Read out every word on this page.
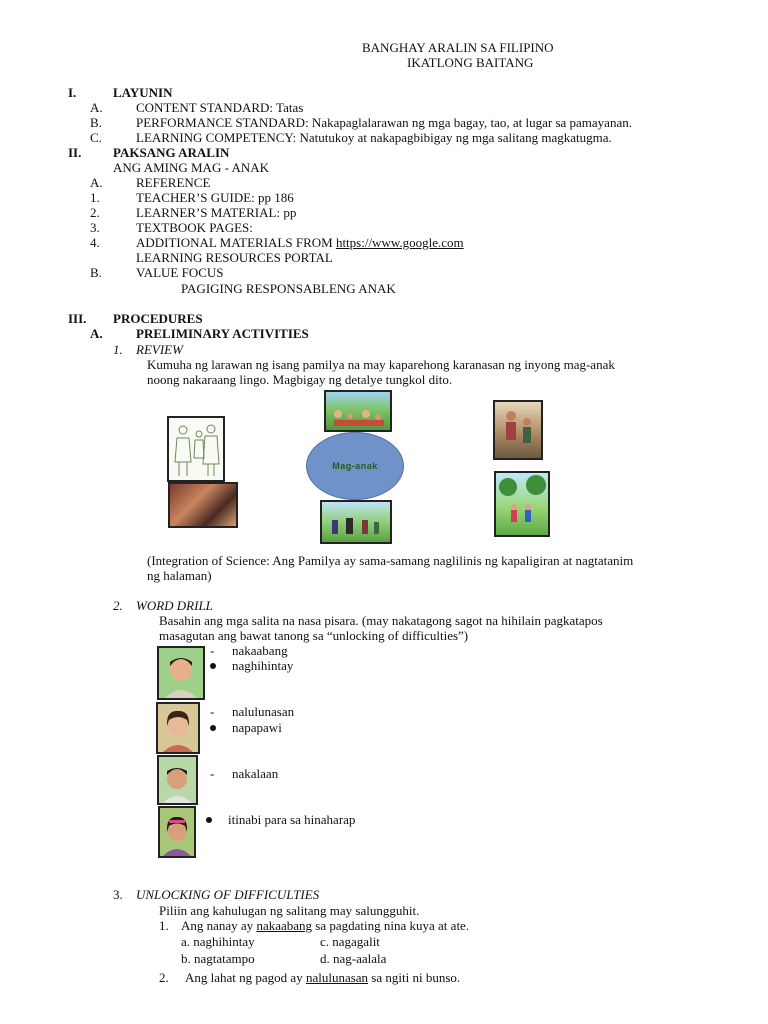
BANGHAY ARALIN SA FILIPINO
IKATLONG BAITANG
I.	LAYUNIN
A.	CONTENT STANDARD: Tatas
B.	PERFORMANCE STANDARD: Nakapaglalarawan ng mga bagay, tao, at lugar sa pamayanan.
C.	LEARNING COMPETENCY: Natutukoy at nakapagbibigay ng mga salitang magkatugma.
II. PAKSANG ARALIN
ANG AMING MAG - ANAK
A.	REFERENCE
1.	TEACHER’S GUIDE: pp 186
2.	LEARNER’S MATERIAL: pp
3.	TEXTBOOK PAGES:
4.	ADDITIONAL MATERIALS FROM https://www.google.com
LEARNING RESOURCES PORTAL
B.	VALUE FOCUS
PAGIGING RESPONSABLENG ANAK
III. PROCEDURES
A.	PRELIMINARY ACTIVITIES
1. REVIEW
Kumuha ng larawan ng isang pamilya na may kaparehong karanasan ng inyong mag-anak
noong nakaraang lingo. Magbigay ng detalye tungkol dito.
Mag-anak
(Integration of Science: Ang Pamilya ay sama-samang naglilinis ng kapaligiran at nagtatanim
ng halaman)
2. WORD DRILL
Basahin ang mga salita na nasa pisara. (may nakatagong sagot na hihilain pagkatapos
masagutan ang bawat tanong sa “unlocking of difficulties”)
- nakaabang
naghihintay
- nalulunasan
napapawi
- nakalaan
itinabi para sa hinaharap
3. UNLOCKING OF DIFFICULTIES
Piliin ang kahulugan ng salitang may salungguhit.
1. Ang nanay ay nakaabang sa pagdating nina kuya at ate.
a. naghihintay	c. nagagalit
b. nagtatampo	d. nag-aalala
2. Ang lahat ng pagod ay nalulunasan sa ngiti ni bunso.
